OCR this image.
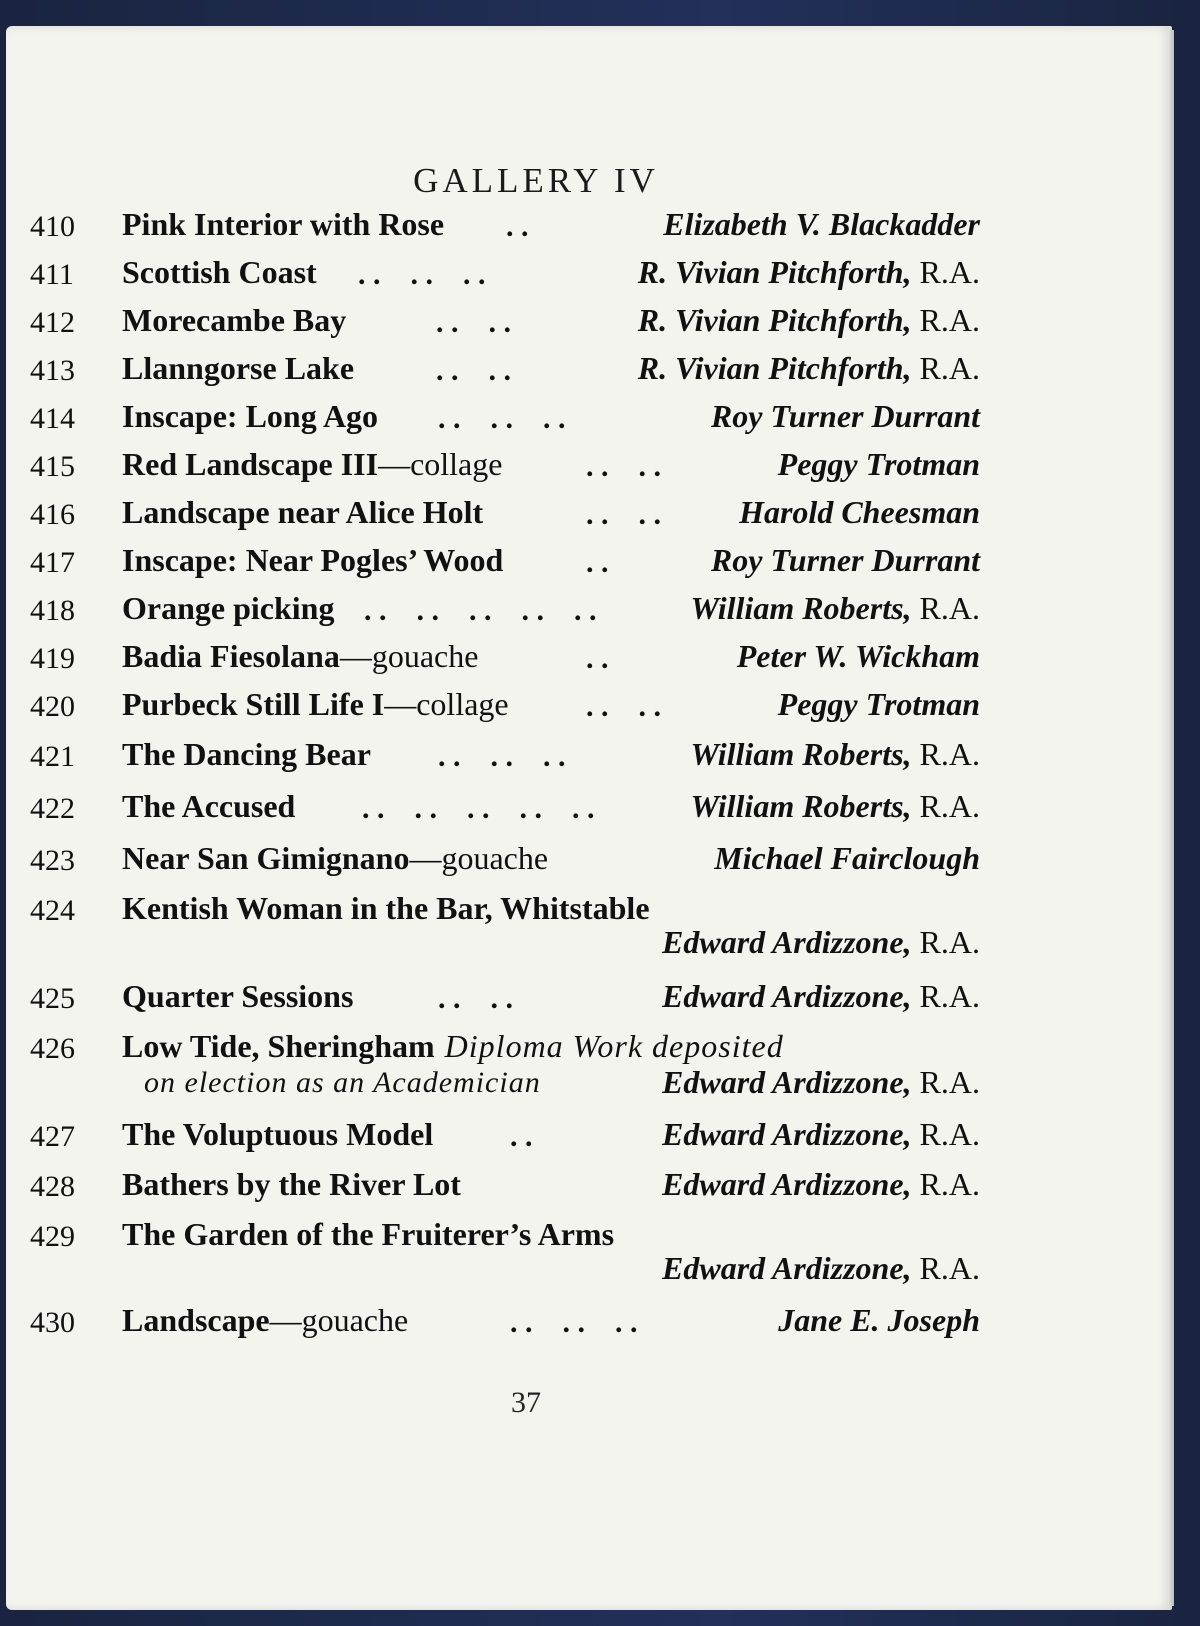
GALLERY IV
410 Pink Interior with Rose . .	Elizabeth V. Blackadder
411 Scottish Coast . .    . .    . .	R. Vivian Pitchforth, R.A.
412 Morecambe Bay	. .    . .	R. Vivian Pitchforth, R.A.
413 Llanngorse Lake	. .    . .	R. Vivian Pitchforth, R.A.
414 Inscape: Long Ago . .    . .    . .	Roy Turner Durrant
415 Red Landscape III—collage	. .    . .	Peggy Trotman
416 Landscape near Alice Holt	. .    . . Harold Cheesman
417 Inscape: Near Pogles’ Wood	. .	Roy Turner Durrant
418 Orange picking . .    . .    . .    . .    . .	William Roberts, R.A.
419 Badia Fiesolana—gouache	. .	Peter W. Wickham
420 Purbeck Still Life I—collage	. .    . .	Peggy Trotman
421 The Dancing Bear . .    . .    . .	William Roberts, R.A.
422 The Accused . .    . .    . .    . .    . .	William Roberts, R.A.
423 Near San Gimignano—gouache	Michael Fairclough
424 Kentish Woman in the Bar, Whitstable
Edward Ardizzone, R.A.
425 Quarter Sessions	. .    . .	Edward Ardizzone, R.A.
426 Low Tide, Sheringham Diploma Work deposited
on election as an Academician	Edward Ardizzone, R.A.
427 The Voluptuous Model	. .	Edward Ardizzone, R.A.
428 Bathers by the River Lot	Edward Ardizzone, R.A.
429 The Garden of the Fruiterer’s Arms
Edward Ardizzone, R.A.
430 Landscape—gouache	. .    . .    . .	Jane E. Joseph
37
